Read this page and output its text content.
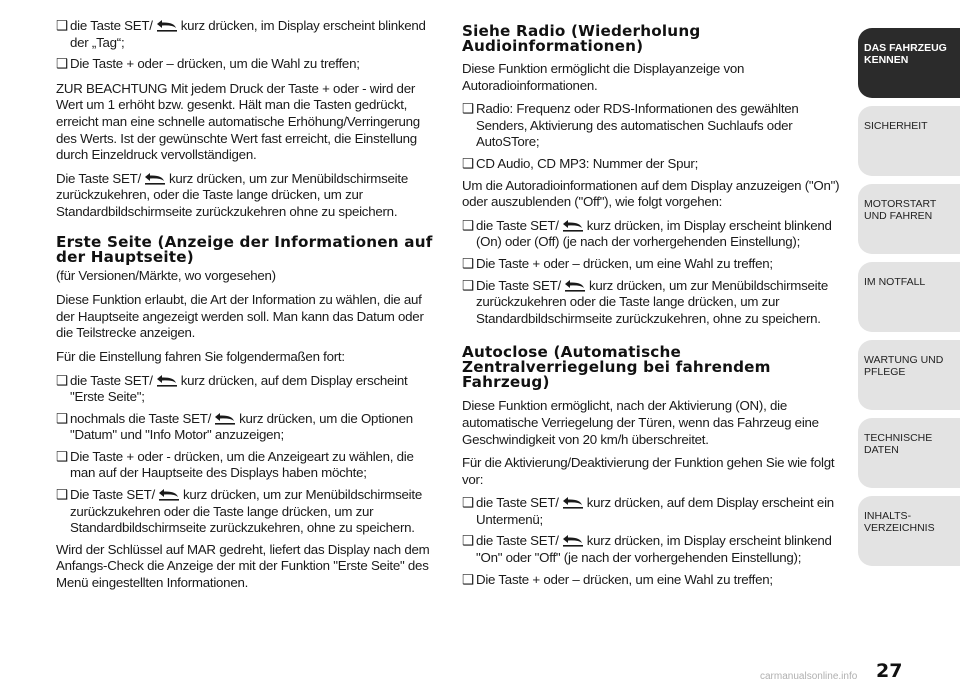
❑ die Taste SET/ kurz drücken, im Display erscheint blinkend der „Tag“;
❑ Die Taste + oder – drücken, um die Wahl zu treffen;

ZUR BEACHTUNG Mit jedem Druck der Taste + oder - wird der Wert um 1 erhöht bzw. gesenkt. Hält man die Tasten gedrückt, erreicht man eine schnelle automatische Erhöhung/Verringerung des Werts. Ist der gewünschte Wert fast erreicht, die Einstellung durch Einzeldruck vervollständigen.

Die Taste SET/ kurz drücken, um zur Menübildschirmseite zurückzukehren, oder die Taste lange drücken, um zur Standardbildschirmseite zurückzukehren ohne zu speichern.

Erste Seite (Anzeige der Informationen auf der Hauptseite)

(für Versionen/Märkte, wo vorgesehen)

Diese Funktion erlaubt, die Art der Information zu wählen, die auf der Hauptseite angezeigt werden soll. Man kann das Datum oder die Teilstrecke anzeigen.

Für die Einstellung fahren Sie folgendermaßen fort:

❑ die Taste SET/ kurz drücken, auf dem Display erscheint "Erste Seite";
❑ nochmals die Taste SET/ kurz drücken, um die Optionen "Datum" und "Info Motor" anzuzeigen;
❑ Die Taste + oder - drücken, um die Anzeigeart zu wählen, die man auf der Hauptseite des Displays haben möchte;
❑ Die Taste SET/ kurz drücken, um zur Menübildschirmseite zurückzukehren oder die Taste lange drücken, um zur Standardbildschirmseite zurückzukehren, ohne zu speichern.

Wird der Schlüssel auf MAR gedreht, liefert das Display nach dem Anfangs-Check die Anzeige der mit der Funktion "Erste Seite" des Menü eingestellten Informationen.

Siehe Radio (Wiederholung Audioinformationen)

Diese Funktion ermöglicht die Displayanzeige von Autoradioinformationen.

❑ Radio: Frequenz oder RDS-Informationen des gewählten Senders, Aktivierung des automatischen Suchlaufs oder AutoSTore;
❑ CD Audio, CD MP3: Nummer der Spur;

Um die Autoradioinformationen auf dem Display anzuzeigen ("On") oder auszublenden ("Off"), wie folgt vorgehen:

❑ die Taste SET/ kurz drücken, im Display erscheint blinkend (On) oder (Off) (je nach der vorhergehenden Einstellung);
❑ Die Taste + oder – drücken, um eine Wahl zu treffen;
❑ Die Taste SET/ kurz drücken, um zur Menübildschirmseite zurückzukehren oder die Taste lange drücken, um zur Standardbildschirmseite zurückzukehren, ohne zu speichern.
Autoclose (Automatische Zentralverriegelung bei fahrendem Fahrzeug)

Diese Funktion ermöglicht, nach der Aktivierung (ON), die automatische Verriegelung der Türen, wenn das Fahrzeug eine Geschwindigkeit von 20 km/h überschreitet.

Für die Aktivierung/Deaktivierung der Funktion gehen Sie wie folgt vor:

❑ die Taste SET/ kurz drücken, auf dem Display erscheint ein Untermenü;
❑ die Taste SET/ kurz drücken, im Display erscheint blinkend "On" oder "Off" (je nach der vorhergehenden Einstellung);
❑ Die Taste + oder – drücken, um eine Wahl zu treffen;
DAS FAHRZEUG KENNEN
SICHERHEIT
MOTORSTART UND FAHREN
IM NOTFALL
WARTUNG UND PFLEGE
TECHNISCHE DATEN
INHALTS-VERZEICHNIS
27
carmanualsonline.info
